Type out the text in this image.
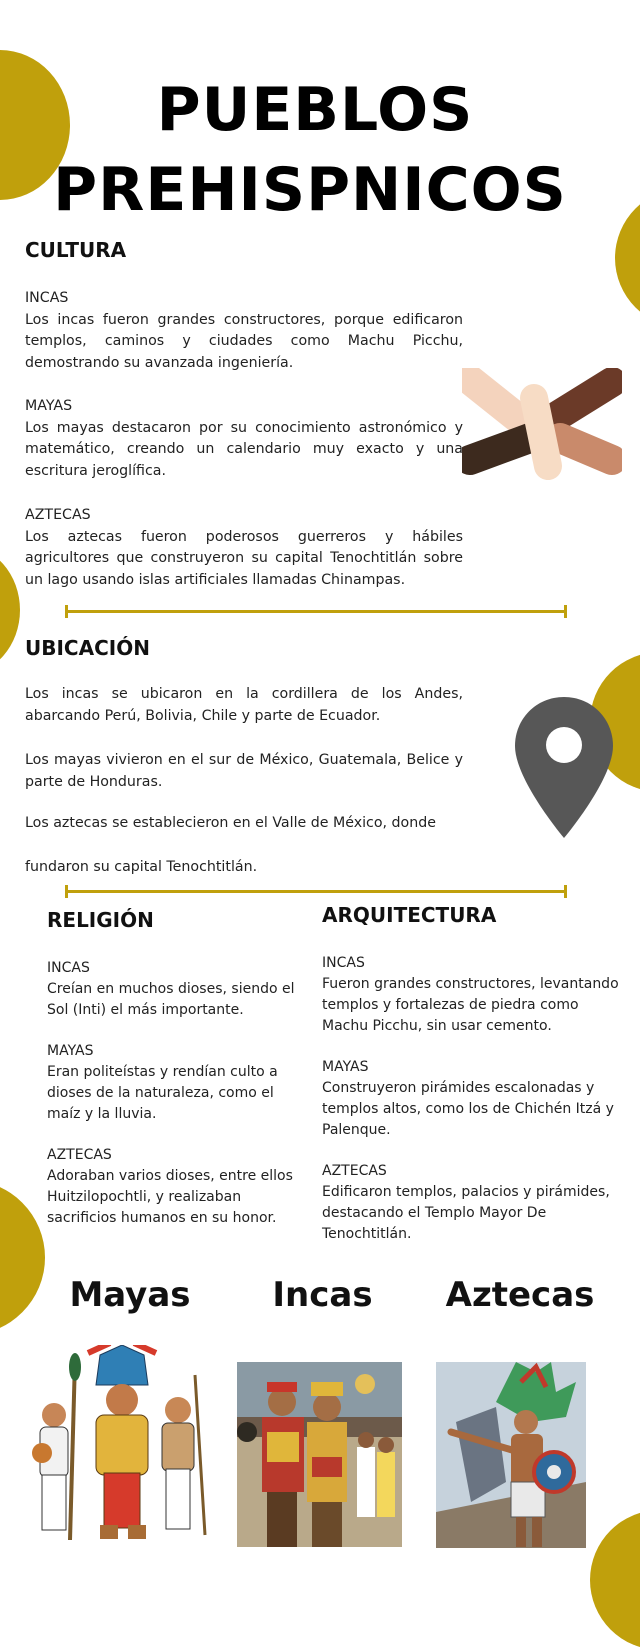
PUEBLOS
PREHISPNICOS
CULTURA
INCAS
Los incas fueron grandes constructores, porque edificaron templos, caminos y ciudades como Machu Picchu, demostrando su avanzada ingeniería.
MAYAS
Los mayas destacaron por su conocimiento astronómico y matemático, creando un calendario muy exacto y una escritura jeroglífica.
AZTECAS
Los aztecas fueron poderosos guerreros y hábiles agricultores que construyeron su capital Tenochtitlán sobre un lago usando islas artificiales llamadas Chinampas.
UBICACIÓN
Los incas se ubicaron en la cordillera de los Andes, abarcando Perú, Bolivia, Chile y parte de Ecuador.
Los mayas vivieron en el sur de México, Guatemala, Belice y parte de Honduras.
Los aztecas se establecieron en el Valle de México, donde
fundaron su capital Tenochtitlán.
RELIGIÓN
INCAS
Creían en muchos dioses, siendo el Sol (Inti) el más importante.
MAYAS
Eran politeístas y rendían culto a dioses de la naturaleza, como el maíz y la lluvia.
AZTECAS
Adoraban varios dioses, entre ellos Huitzilopochtli, y realizaban sacrificios humanos en su honor.
ARQUITECTURA
INCAS
Fueron grandes constructores, levantando templos y fortalezas de piedra como Machu Picchu, sin usar cemento.
MAYAS
Construyeron pirámides escalonadas y templos altos, como los de Chichén Itzá y Palenque.
AZTECAS
Edificaron templos, palacios y pirámides, destacando el Templo Mayor De Tenochtitlán.
Mayas	Incas	Aztecas
